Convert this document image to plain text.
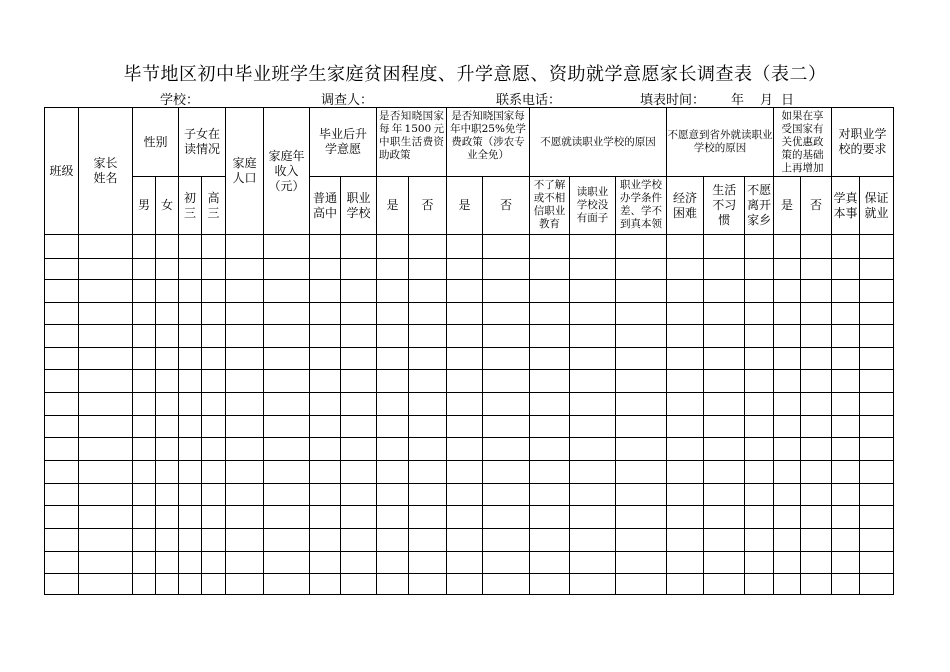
毕节地区初中毕业班学生家庭贫困程度、升学意愿、资助就学意愿家长调查表（表二）
学校：	调查人：	联系电话：	填表时间： 年 月 日
班级	家长姓名	性别		子女在读情况		家庭人口	家庭年收入（元）	毕业后升学意愿		是否知晓国家每年1500元中职生活费资助政策		是否知晓国家每年中职25%免学费政策（涉农专业全免）		不愿就读职业学校的原因			不愿意到省外就读职业学校的原因			如果在享受国家有关优惠政策的基础上再增加		对职业学校的要求	

		男	女	初三	高三			普通高中	职业学校	是	否	是	否	不了解或不相信职业教育	读职业学校没有面子	职业学校办学条件差、学不到真本领	经济困难	生活不习惯	不愿离开家乡	是	否	学真本事	保证就业
